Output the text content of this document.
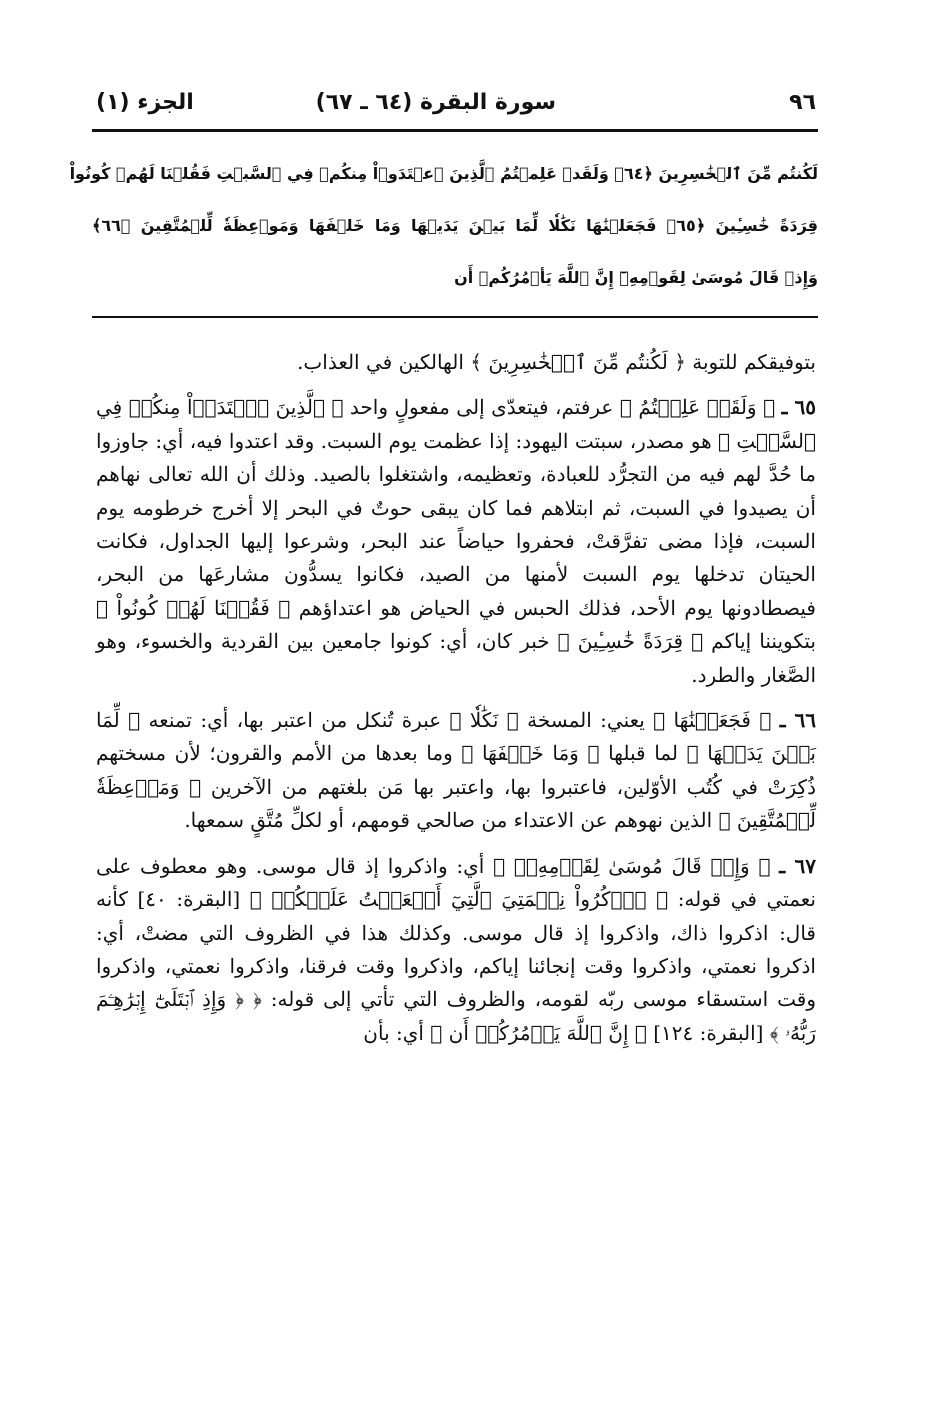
٩٦
سورة البقرة (٦٤ ـ ٦٧)
الجزء (١)
لَكُنتُم مِّنَ ٱلۡخَٰسِرِينَ ﴿٦٤﴾ وَلَقَدۡ عَلِمۡتُمُ ٱلَّذِينَ ٱعۡتَدَوۡاْ مِنكُمۡ فِي ٱلسَّبۡتِ فَقُلۡنَا لَهُمۡ كُونُواْ
قِرَدَةً خَٰسِـِٔينَ ﴿٦٥﴾ فَجَعَلۡنَٰهَا نَكَٰلٗا لِّمَا بَيۡنَ يَدَيۡهَا وَمَا خَلۡفَهَا وَمَوۡعِظَةٗ لِّلۡمُتَّقِينَ ﴿٦٦﴾
وَإِذۡ قَالَ مُوسَىٰ لِقَوۡمِهِۦٓ إِنَّ ٱللَّهَ يَأۡمُرُكُمۡ أَن

بتوفيقكم للتوبة ﴿ لَكُنتُم مِّنَ ٱلۡخَٰسِرِينَ ﴾ الهالكين في العذاب.

٦٥ ـ ﴿ وَلَقَدۡ عَلِمۡتُمُ ﴾ عرفتم، فيتعدّى إلى مفعولٍ واحد ﴿ ٱلَّذِينَ ٱعۡتَدَوۡاْ مِنكُمۡ فِي ٱلسَّبۡتِ ﴾ هو مصدر، سبتت اليهود: إذا عظمت يوم السبت. وقد اعتدوا فيه، أي: جاوزوا ما حُدَّ لهم فيه من التجرُّد للعبادة، وتعظيمه، واشتغلوا بالصيد. وذلك أن الله تعالى نهاهم أن يصيدوا في السبت، ثم ابتلاهم فما كان يبقى حوتٌ في البحر إلا أخرج خرطومه يوم السبت، فإذا مضى تفرَّقتْ، فحفروا حياضاً عند البحر، وشرعوا إليها الجداول، فكانت الحيتان تدخلها يوم السبت لأمنها من الصيد، فكانوا يسدُّون مشارعَها من البحر، فيصطادونها يوم الأحد، فذلك الحبس في الحياض هو اعتداؤهم ﴿ فَقُلۡنَا لَهُمۡ كُونُواْ ﴾ بتكويننا إياكم ﴿ قِرَدَةً خَٰسِـِٔينَ ﴾ خبر كان، أي: كونوا جامعين بين القردية والخسوء، وهو الصَّغار والطرد.

٦٦ ـ ﴿ فَجَعَلۡنَٰهَا ﴾ يعني: المسخة ﴿ نَكَٰلٗا ﴾ عبرة تُنكل من اعتبر بها، أي: تمنعه ﴿ لِّمَا بَيۡنَ يَدَيۡهَا ﴾ لما قبلها ﴿ وَمَا خَلۡفَهَا ﴾ وما بعدها من الأمم والقرون؛ لأن مسختهم ذُكِرَتْ في كُتُب الأوّلين، فاعتبروا بها، واعتبر بها مَن بلغتهم من الآخرين ﴿ وَمَوۡعِظَةٗ لِّلۡمُتَّقِينَ ﴾ الذين نهوهم عن الاعتداء من صالحي قومهم، أو لكلِّ مُتَّقٍ سمعها.

٦٧ ـ ﴿ وَإِذۡ قَالَ مُوسَىٰ لِقَوۡمِهِۦٓ ﴾ أي: واذكروا إذ قال موسى. وهو معطوف على نعمتي في قوله: ﴿ ٱذۡكُرُواْ نِعۡمَتِيَ ٱلَّتِيٓ أَنۡعَمۡتُ عَلَيۡكُمۡ ﴾ [البقرة: ٤٠] كأنه قال: اذكروا ذاك، واذكروا إذ قال موسى. وكذلك هذا في الظروف التي مضتْ، أي: اذكروا نعمتي، واذكروا وقت إنجائنا إياكم، واذكروا وقت فرقنا، واذكروا نعمتي، واذكروا وقت استسقاء موسى ربّه لقومه، والظروف التي تأتي إلى قوله: ﴿ ﴿ وَإِذِ ٱبۡتَلَىٰٓ إِبۡرَٰهِـۧمَ رَبُّهُۥ ﴾ [البقرة: ١٢٤] ﴿ إِنَّ ٱللَّهَ يَأۡمُرُكُمۡ أَن ﴾ أي: بأن
